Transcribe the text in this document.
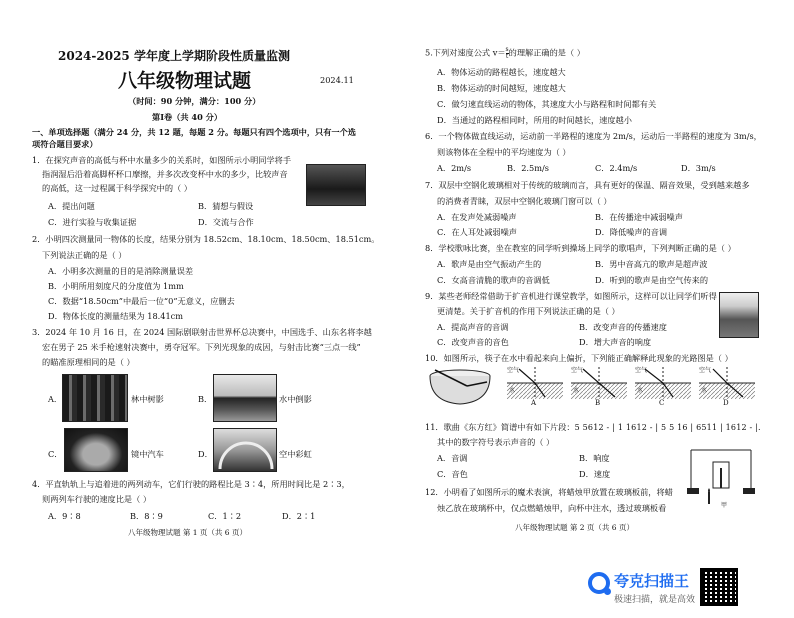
2024-2025 学年度上学期阶段性质量监测
八年级物理试题	2024.11
（时间：90 分钟，满分：100 分）
第Ⅰ卷（共 40 分）
一、单项选择题（满分 24 分，共 12 题，每题 2 分。每题只有四个选项中，只有一个选
项符合题目要求）
1．在探究声音的高低与杯中水量多少的关系时，如图所示小明同学将手
指润湿后沿着高脚杯杯口摩擦，并多次改变杯中水的多少，比较声音
的高低，这一过程属于科学探究中的（ ）
A．提出问题	B．猜想与假设
C．进行实验与收集证据	D．交流与合作
2．小明四次测量同一物体的长度，结果分别为 18.52cm、18.10cm、18.50cm、18.51cm。
下列说法正确的是（ ）
A．小明多次测量的目的是消除测量误差
B．小明所用刻度尺的分度值为 1mm
C．数据“18.50cm”中最后一位“0”无意义，应删去
D．物体长度的测量结果为 18.41cm
3．2024 年 10 月 16 日，在 2024 国际剧联射击世界杯总决赛中，中国选手、山东名将李越
宏在男子 25 米手枪速射决赛中，勇夺冠军。下列光现象的成因，与射击比赛“三点一线”
的瞄准原理相同的是（ ）
A．	林中树影	B．	水中倒影
C．	镜中汽车	D．	空中彩虹
4．平直轨轨上与追着进的两列动车，它们行驶的路程比是 3∶4，所用时间比是 2∶3，
则两列车行驶的速度比是（ ）
A．9∶8	B．8∶9	C．1∶2	D．2∶1
八年级物理试题 第 1 页（共 6 页）
5.下列对速度公式 $v= \frac{s}{t}$ 的理解正确的是（ ）
A．物体运动的路程越长，速度越大
B．物体运动的时间越短，速度越大
C．做匀速直线运动的物体，其速度大小与路程和时间都有关
D．当通过的路程相同时，所用的时间越长，速度越小
6．一个物体做直线运动，运动前一半路程的速度为 2m/s，运动后一半路程的速度为 3m/s，
则该物体在全程中的平均速度为（ ）
A．2m/s	B．2.5m/s	C．2.4m/s	D．3m/s
7．双层中空钢化玻璃相对于传统的玻璃而言，具有更好的保温、隔音效果，受到越来越多
的消费者青睐，双层中空钢化玻璃门窗可以（ ）
A．在发声处减弱噪声	B．在传播途中减弱噪声
C．在人耳处减弱噪声	D．降低噪声的音调
8．学校歌咏比赛，坐在教室的同学听到操场上同学的歌唱声，下列判断正确的是（ ）
A．歌声是由空气振动产生的	B．男中音高亢的歌声是超声波
C．女高音清脆的歌声的音调低	D．听到的歌声是由空气传来的
9．某些老师经常借助于扩音机进行课堂教学，如图所示，这样可以让同学们听得
更清楚。关于扩音机的作用下列说法正确的是（ ）
A．提高声音的音调	B．改变声音的传播速度
C．改变声音的音色	D．增大声音的响度
10．如图所示，筷子在水中看起来向上偏折，下列能正确解释此现象的光路图是（ ）
空气
水
A
空气
水
B
空气
水
C
空气
水
D
11．歌曲《东方红》简谱中有如下片段：5 5612 - | 1 1612 - | 5 5 16 | 6511 | 1612 - |.
其中的数字符号表示声音的（ ）
A．音调	B．响度
C．音色	D．速度
甲
12．小明看了如图所示的魔术表演，将蜡烛甲放置在玻璃板前，将蜡
烛乙放在玻璃杯中，仅点燃蜡烛甲，向杯中注水，透过玻璃板看
八年级物理试题 第 2 页（共 6 页）
夸克扫描王
极速扫描，就是高效
